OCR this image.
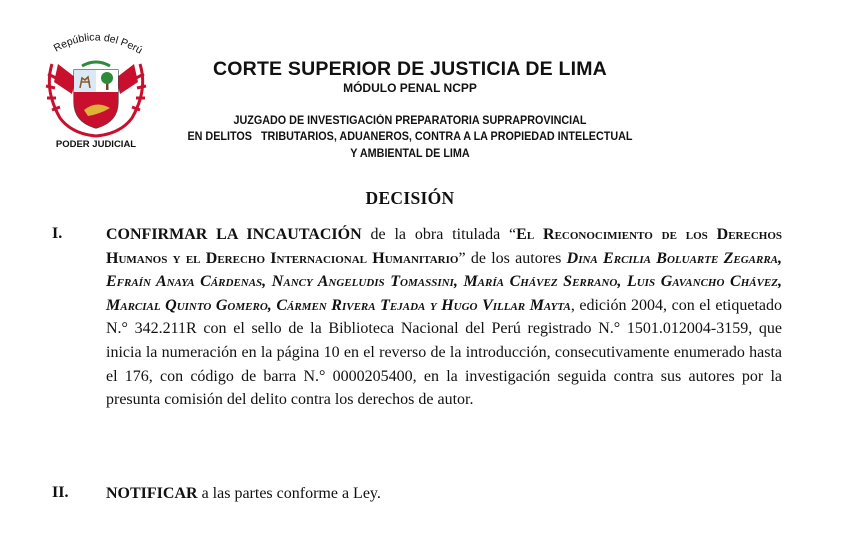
República del Perú
PODER JUDICIAL
CORTE SUPERIOR DE JUSTICIA DE LIMA
MÓDULO PENAL NCPP
JUZGADO DE INVESTIGACIÓN PREPARATORIA SUPRAPROVINCIAL
EN DELITOS   TRIBUTARIOS, ADUANEROS, CONTRA A LA PROPIEDAD INTELECTUAL
Y AMBIENTAL DE LIMA
DECISIÓN
I.	CONFIRMAR LA INCAUTACIÓN de la obra titulada “El Reconocimiento de los Derechos Humanos y el Derecho Internacional Humanitario” de los autores Dina Ercilia Boluarte Zegarra, Efraín Anaya Cárdenas, Nancy Angeludis Tomassini, María Chávez Serrano, Luis Gavancho Chávez, Marcial Quinto Gomero, Cármen Rivera Tejada y Hugo Villar Mayta, edición 2004, con el etiquetado N.° 342.211R con el sello de la Biblioteca Nacional del Perú registrado N.° 1501.012004-3159, que inicia la numeración en la página 10 en el reverso de la introducción, consecutivamente enumerado hasta el 176, con código de barra N.° 0000205400, en la investigación seguida contra sus autores por la presunta comisión del delito contra los derechos de autor.
II. NOTIFICAR a las partes conforme a Ley.
